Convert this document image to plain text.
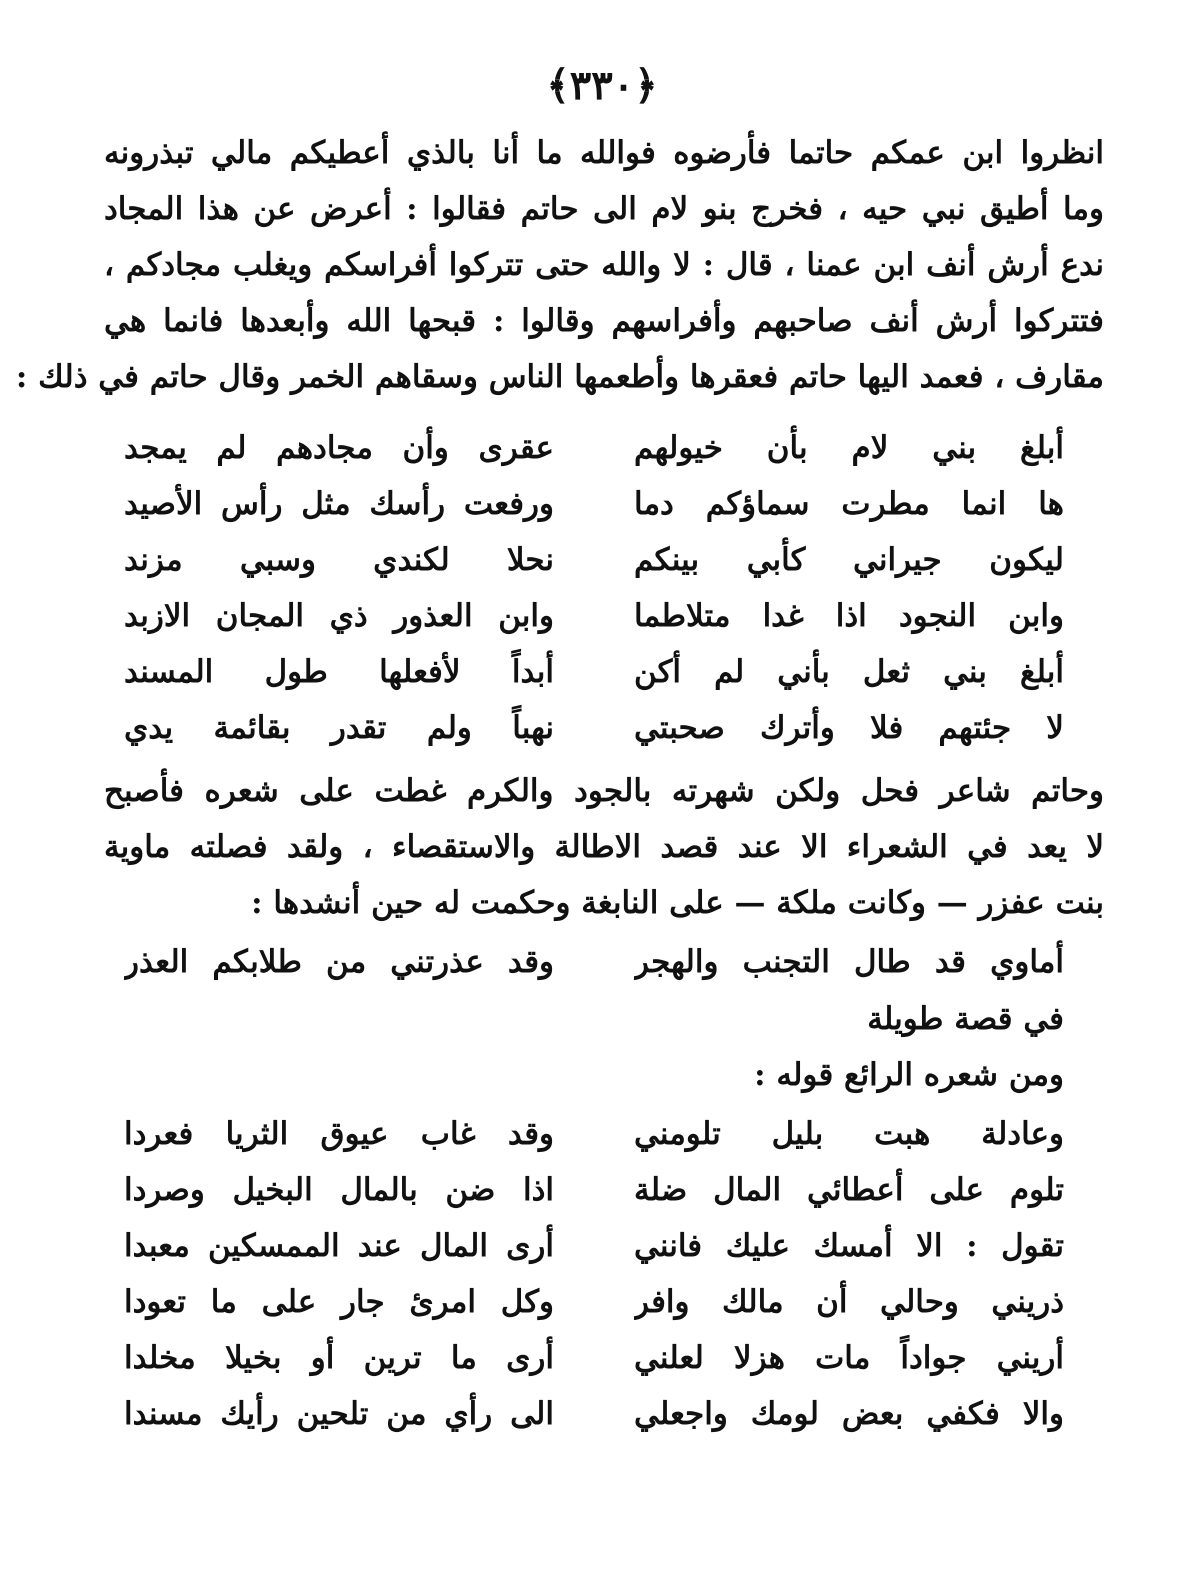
﴿٣٣٠﴾
انظروا ابن عمكم حاتما فأرضوه فوالله ما أنا بالذي أعطيكم مالي تبذرونه
وما أطيق نبي حيه ، فخرج بنو لام الى حاتم فقالوا : أعرض عن هذا المجاد
ندع أرش أنف ابن عمنا ، قال : لا والله حتى تتركوا أفراسكم ويغلب مجادكم ،
فتتركوا أرش أنف صاحبهم وأفراسهم وقالوا : قبحها الله وأبعدها فانما هي
مقارف ، فعمد اليها حاتم فعقرها وأطعمها الناس وسقاهم الخمر وقال حاتم في ذلك :
أبلغ بني لام بأن خيولهم
عقرى وأن مجادهم لم يمجد
ها انما مطرت سماؤكم دما
ورفعت رأسك مثل رأس الأصيد
ليكون جيراني كأبي بينكم
نحلا لكندي وسبي مزند
وابن النجود اذا غدا متلاطما
وابن العذور ذي المجان الازبد
أبلغ بني ثعل بأني لم أكن
أبداً لأفعلها طول المسند
لا جئتهم فلا وأترك صحبتي
نهباً ولم تقدر بقائمة يدي
وحاتم شاعر فحل ولكن شهرته بالجود والكرم غطت على شعره فأصبح
لا يعد في الشعراء الا عند قصد الاطالة والاستقصاء ، ولقد فصلته ماوية
بنت عفزر — وكانت ملكة — على النابغة وحكمت له حين أنشدها :
أماوي قد طال التجنب والهجر
وقد عذرتني من طلابكم العذر
في قصة طويلة
ومن شعره الرائع قوله :
وعادلة هبت بليل تلومني
وقد غاب عيوق الثريا فعردا
تلوم على أعطائي المال ضلة
اذا ضن بالمال البخيل وصردا
تقول : الا أمسك عليك فانني
أرى المال عند الممسكين معبدا
ذريني وحالي أن مالك وافر
وكل امرئ جار على ما تعودا
أريني جواداً مات هزلا لعلني
أرى ما ترين أو بخيلا مخلدا
والا فكفي بعض لومك واجعلي
الى رأي من تلحين رأيك مسندا
